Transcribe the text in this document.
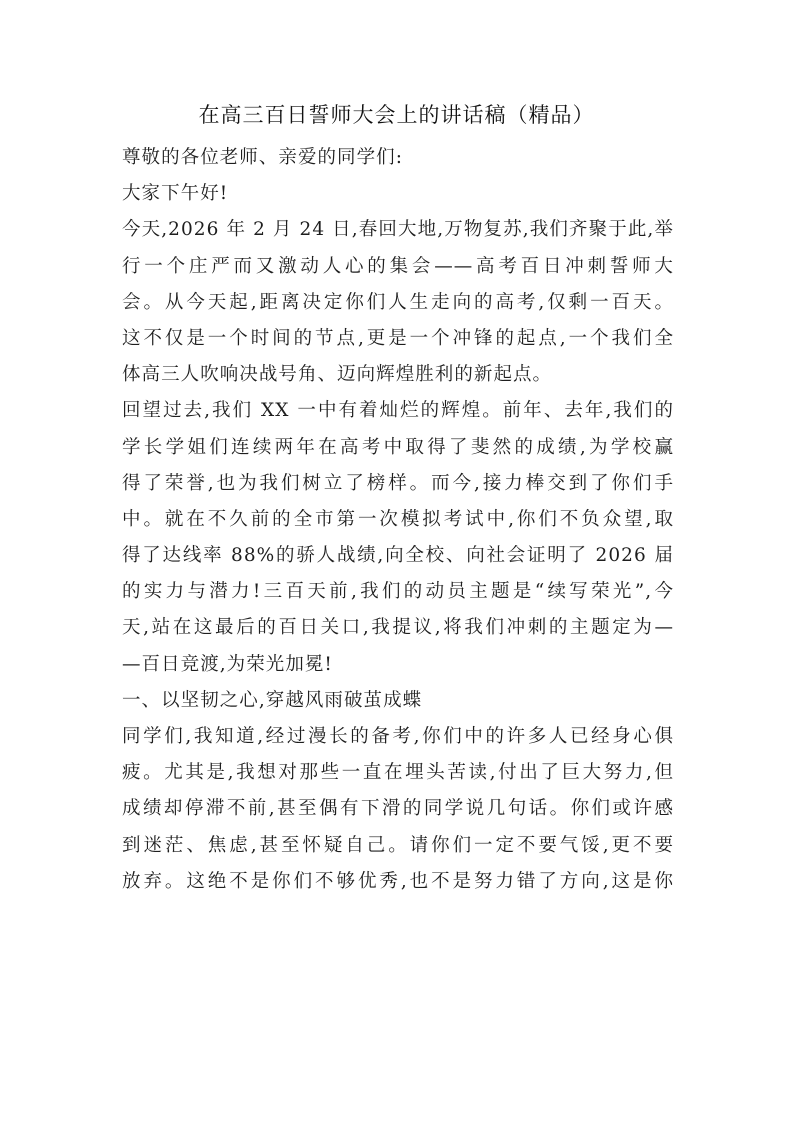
在高三百日誓师大会上的讲话稿（精品）
尊敬的各位老师、亲爱的同学们:
大家下午好!
今天,2026 年 2 月 24 日,春回大地,万物复苏,我们齐聚于此,举
行一个庄严而又激动人心的集会——高考百日冲刺誓师大
会。从今天起,距离决定你们人生走向的高考,仅剩一百天。
这不仅是一个时间的节点,更是一个冲锋的起点,一个我们全
体高三人吹响决战号角、迈向辉煌胜利的新起点。
回望过去,我们 XX 一中有着灿烂的辉煌。前年、去年,我们的
学长学姐们连续两年在高考中取得了斐然的成绩,为学校赢
得了荣誉,也为我们树立了榜样。而今,接力棒交到了你们手
中。就在不久前的全市第一次模拟考试中,你们不负众望,取
得了达线率 88%的骄人战绩,向全校、向社会证明了 2026 届
的实力与潜力!三百天前,我们的动员主题是“续写荣光”,今
天,站在这最后的百日关口,我提议,将我们冲刺的主题定为—
—百日竞渡,为荣光加冕!
一、以坚韧之心,穿越风雨破茧成蝶
同学们,我知道,经过漫长的备考,你们中的许多人已经身心俱
疲。尤其是,我想对那些一直在埋头苦读,付出了巨大努力,但
成绩却停滞不前,甚至偶有下滑的同学说几句话。你们或许感
到迷茫、焦虑,甚至怀疑自己。请你们一定不要气馁,更不要
放弃。这绝不是你们不够优秀,也不是努力错了方向,这是你
